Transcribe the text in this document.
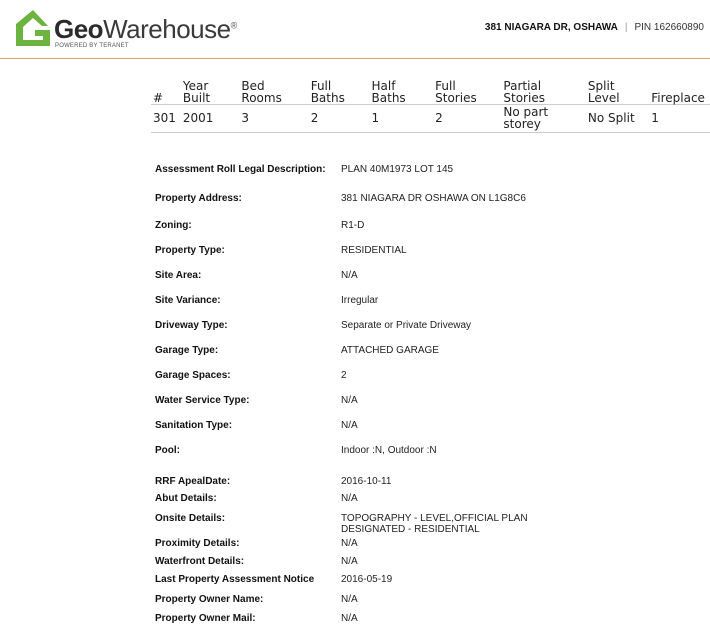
GeoWarehouse®
POWERED BY TERANET
381 NIAGARA DR, OSHAWA | PIN 162660890
#	Year Built	Bed Rooms	Full Baths	Half Baths	Full Stories	Partial Stories	Split Level	Fireplace
301	2001	3	2	1	2	No part storey	No Split	1
Assessment Roll Legal Description: PLAN 40M1973 LOT 145
Property Address:	381 NIAGARA DR OSHAWA ON L1G8C6
Zoning:	R1-D
Property Type:	RESIDENTIAL
Site Area:	N/A
Site Variance:	Irregular
Driveway Type:	Separate or Private Driveway
Garage Type:	ATTACHED GARAGE
Garage Spaces:	2
Water Service Type:	N/A
Sanitation Type:	N/A
Pool:	Indoor :N, Outdoor :N
RRF ApealDate:	2016-10-11
Abut Details:	N/A
Onsite Details:	TOPOGRAPHY - LEVEL,OFFICIAL PLAN DESIGNATED - RESIDENTIAL
Proximity Details:	N/A
Waterfront Details:	N/A
Last Property Assessment Notice	2016-05-19
Property Owner Name:	N/A
Property Owner Mail:	N/A
